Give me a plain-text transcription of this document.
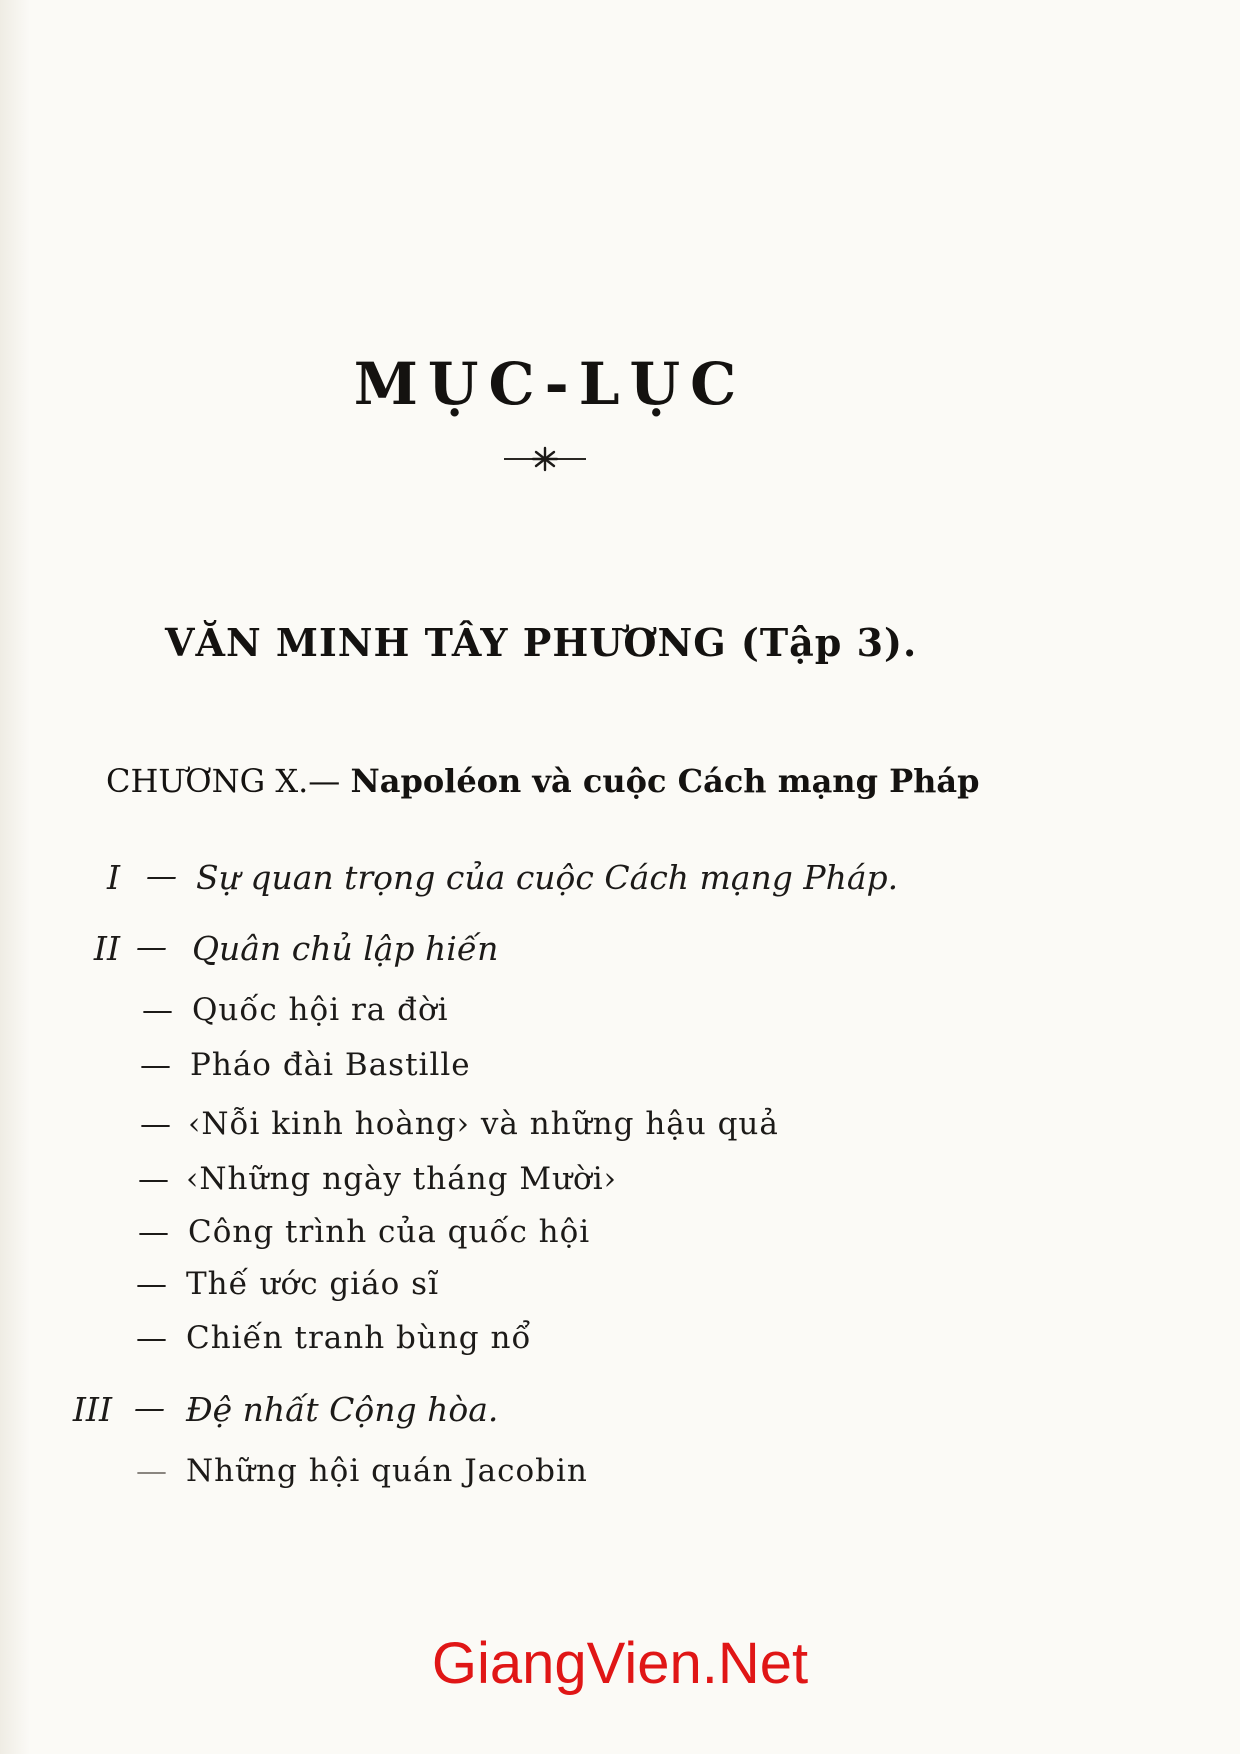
MỤC-LỤC
VĂN MINH TÂY PHƯƠNG (Tập 3).
CHƯƠNG X.— Napoléon và cuộc Cách mạng Pháp
I — Sự quan trọng của cuộc Cách mạng Pháp.
II — Quân chủ lập hiến
— Quốc hội ra đời
— Pháo đài Bastille
— ‹Nỗi kinh hoàng› và những hậu quả
— ‹Những ngày tháng Mười›
— Công trình của quốc hội
— Thế ước giáo sĩ
— Chiến tranh bùng nổ
III — Đệ nhất Cộng hòa.
— Những hội quán Jacobin
GiangVien.Net
